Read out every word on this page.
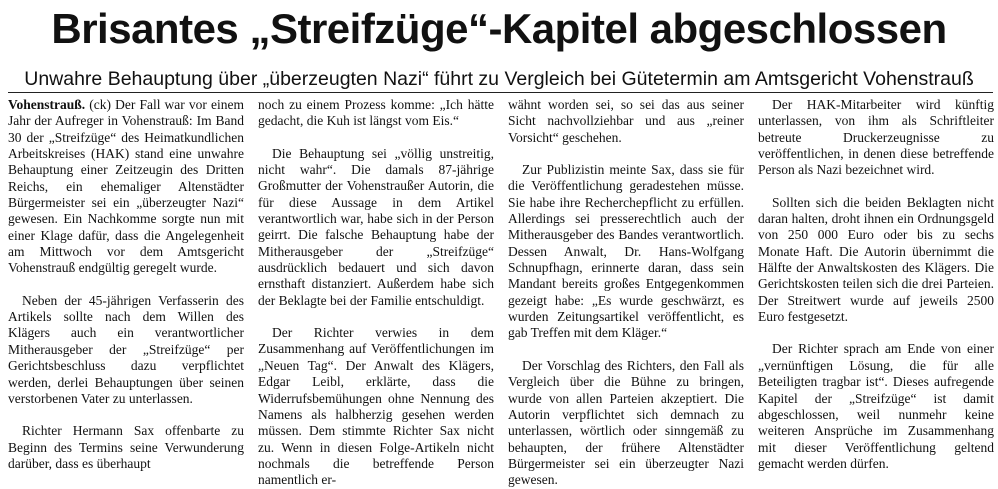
Brisantes „Streifzüge“-Kapitel abgeschlossen
Unwahre Behauptung über „überzeugten Nazi“ führt zu Vergleich bei Gütetermin am Amtsgericht Vohenstrauß

Vohenstrauß. (ck) Der Fall war vor einem Jahr der Aufreger in Vohenstrauß: Im Band 30 der „Streifzüge“ des Heimatkundlichen Arbeitskreises (HAK) stand eine unwahre Behauptung einer Zeitzeugin des Dritten Reichs, ein ehemaliger Altenstädter Bürgermeister sei ein „überzeugter Nazi“ gewesen. Ein Nachkomme sorgte nun mit einer Klage dafür, dass die Angelegenheit am Mittwoch vor dem Amtsgericht Vohenstrauß endgültig geregelt wurde.

Neben der 45-jährigen Verfasserin des Artikels sollte nach dem Willen des Klägers auch ein verantwortlicher Mitherausgeber der „Streifzüge“ per Gerichtsbeschluss dazu verpflichtet werden, derlei Behauptungen über seinen verstorbenen Vater zu unterlassen.

Richter Hermann Sax offenbarte zu Beginn des Termins seine Verwunderung darüber, dass es überhaupt

noch zu einem Prozess komme: „Ich hätte gedacht, die Kuh ist längst vom Eis.“

Die Behauptung sei „völlig unstreitig, nicht wahr“. Die damals 87-jährige Großmutter der Vohenstraußer Autorin, die für diese Aussage in dem Artikel verantwortlich war, habe sich in der Person geirrt. Die falsche Behauptung habe der Mitherausgeber der „Streifzüge“ ausdrücklich bedauert und sich davon ernsthaft distanziert. Außerdem habe sich der Beklagte bei der Familie entschuldigt.

Der Richter verwies in dem Zusammenhang auf Veröffentlichungen im „Neuen Tag“. Der Anwalt des Klägers, Edgar Leibl, erklärte, dass die Widerrufsbemühungen ohne Nennung des Namens als halbherzig gesehen werden müssen. Dem stimmte Richter Sax nicht zu. Wenn in diesen Folge-Artikeln nicht nochmals die betreffende Person namentlich er-

wähnt worden sei, so sei das aus seiner Sicht nachvollziehbar und aus „reiner Vorsicht“ geschehen.

Zur Publizistin meinte Sax, dass sie für die Veröffentlichung geradestehen müsse. Sie habe ihre Recherchepflicht zu erfüllen. Allerdings sei presserechtlich auch der Mitherausgeber des Bandes verantwortlich. Dessen Anwalt, Dr. Hans-Wolfgang Schnupfhagn, erinnerte daran, dass sein Mandant bereits großes Entgegenkommen gezeigt habe: „Es wurde geschwärzt, es wurden Zeitungsartikel veröffentlicht, es gab Treffen mit dem Kläger.“

Der Vorschlag des Richters, den Fall als Vergleich über die Bühne zu bringen, wurde von allen Parteien akzeptiert. Die Autorin verpflichtet sich demnach zu unterlassen, wörtlich oder sinngemäß zu behaupten, der frühere Altenstädter Bürgermeister sei ein überzeugter Nazi gewesen.

Der HAK-Mitarbeiter wird künftig unterlassen, von ihm als Schriftleiter betreute Druckerzeugnisse zu veröffentlichen, in denen diese betreffende Person als Nazi bezeichnet wird.

Sollten sich die beiden Beklagten nicht daran halten, droht ihnen ein Ordnungsgeld von 250 000 Euro oder bis zu sechs Monate Haft. Die Autorin übernimmt die Hälfte der Anwaltskosten des Klägers. Die Gerichtskosten teilen sich die drei Parteien. Der Streitwert wurde auf jeweils 2500 Euro festgesetzt.

Der Richter sprach am Ende von einer „vernünftigen Lösung, die für alle Beteiligten tragbar ist“. Dieses aufregende Kapitel der „Streifzüge“ ist damit abgeschlossen, weil nunmehr keine weiteren Ansprüche im Zusammenhang mit dieser Veröffentlichung geltend gemacht werden dürfen.
